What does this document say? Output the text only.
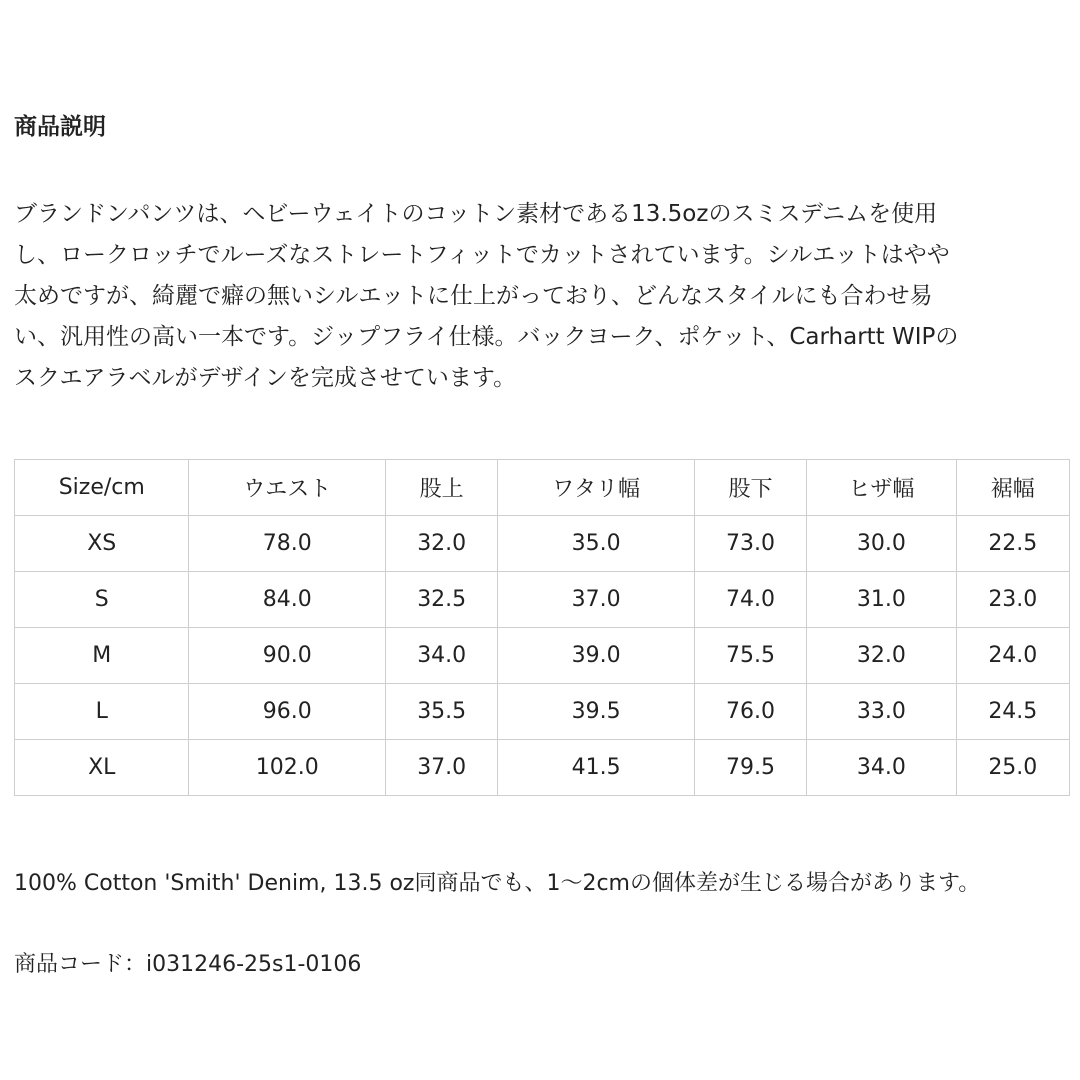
商品説明
ブランドンパンツは、ヘビーウェイトのコットン素材である13.5ozのスミスデニムを使用
し、ロークロッチでルーズなストレートフィットでカットされています。シルエットはやや
太めですが、綺麗で癖の無いシルエットに仕上がっており、どんなスタイルにも合わせ易
い、汎用性の高い一本です。ジップフライ仕様。バックヨーク、ポケット、Carhartt WIPの
スクエアラベルがデザインを完成させています。
Size/cm	ウエスト	股上	ワタリ幅	股下	ヒザ幅	裾幅
XS	78.0	32.0	35.0	73.0	30.0	22.5
S	84.0	32.5	37.0	74.0	31.0	23.0
M	90.0	34.0	39.0	75.5	32.0	24.0
L	96.0	35.5	39.5	76.0	33.0	24.5
XL	102.0	37.0	41.5	79.5	34.0	25.0
100% Cotton 'Smith' Denim, 13.5 oz同商品でも、1～2cmの個体差が生じる場合があります。
商品コード：i031246-25s1-0106
